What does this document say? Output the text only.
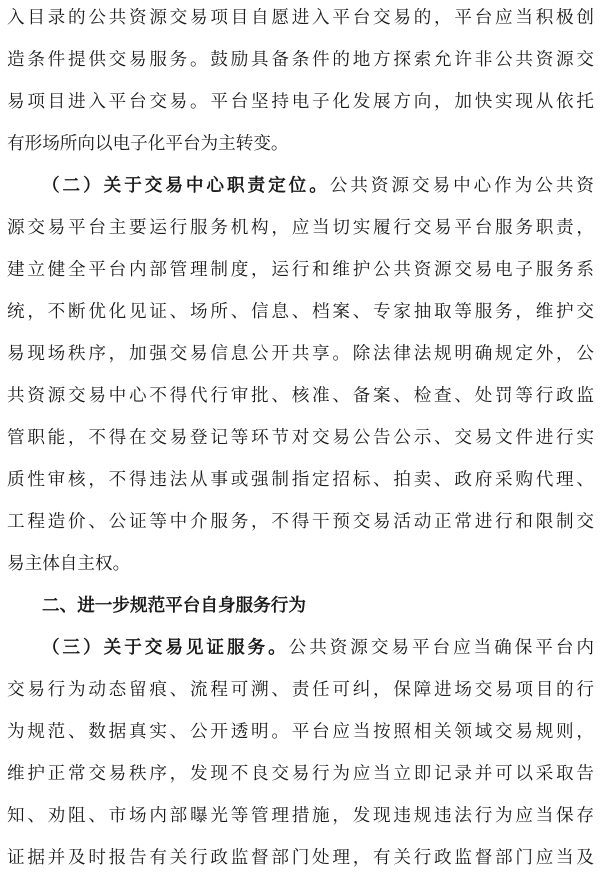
入目录的公共资源交易项目自愿进入平台交易的，平台应当积极创
造条件提供交易服务。鼓励具备条件的地方探索允许非公共资源交
易项目进入平台交易。平台坚持电子化发展方向，加快实现从依托
有形场所向以电子化平台为主转变。
（二）关于交易中心职责定位。公共资源交易中心作为公共资
源交易平台主要运行服务机构，应当切实履行交易平台服务职责，
建立健全平台内部管理制度，运行和维护公共资源交易电子服务系
统，不断优化见证、场所、信息、档案、专家抽取等服务，维护交
易现场秩序，加强交易信息公开共享。除法律法规明确规定外，公
共资源交易中心不得代行审批、核准、备案、检查、处罚等行政监
管职能，不得在交易登记等环节对交易公告公示、交易文件进行实
质性审核，不得违法从事或强制指定招标、拍卖、政府采购代理、
工程造价、公证等中介服务，不得干预交易活动正常进行和限制交
易主体自主权。
二、进一步规范平台自身服务行为
（三）关于交易见证服务。公共资源交易平台应当确保平台内
交易行为动态留痕、流程可溯、责任可纠，保障进场交易项目的行
为规范、数据真实、公开透明。平台应当按照相关领域交易规则，
维护正常交易秩序，发现不良交易行为应当立即记录并可以采取告
知、劝阻、市场内部曝光等管理措施，发现违规违法行为应当保存
证据并及时报告有关行政监督部门处理，有关行政监督部门应当及
